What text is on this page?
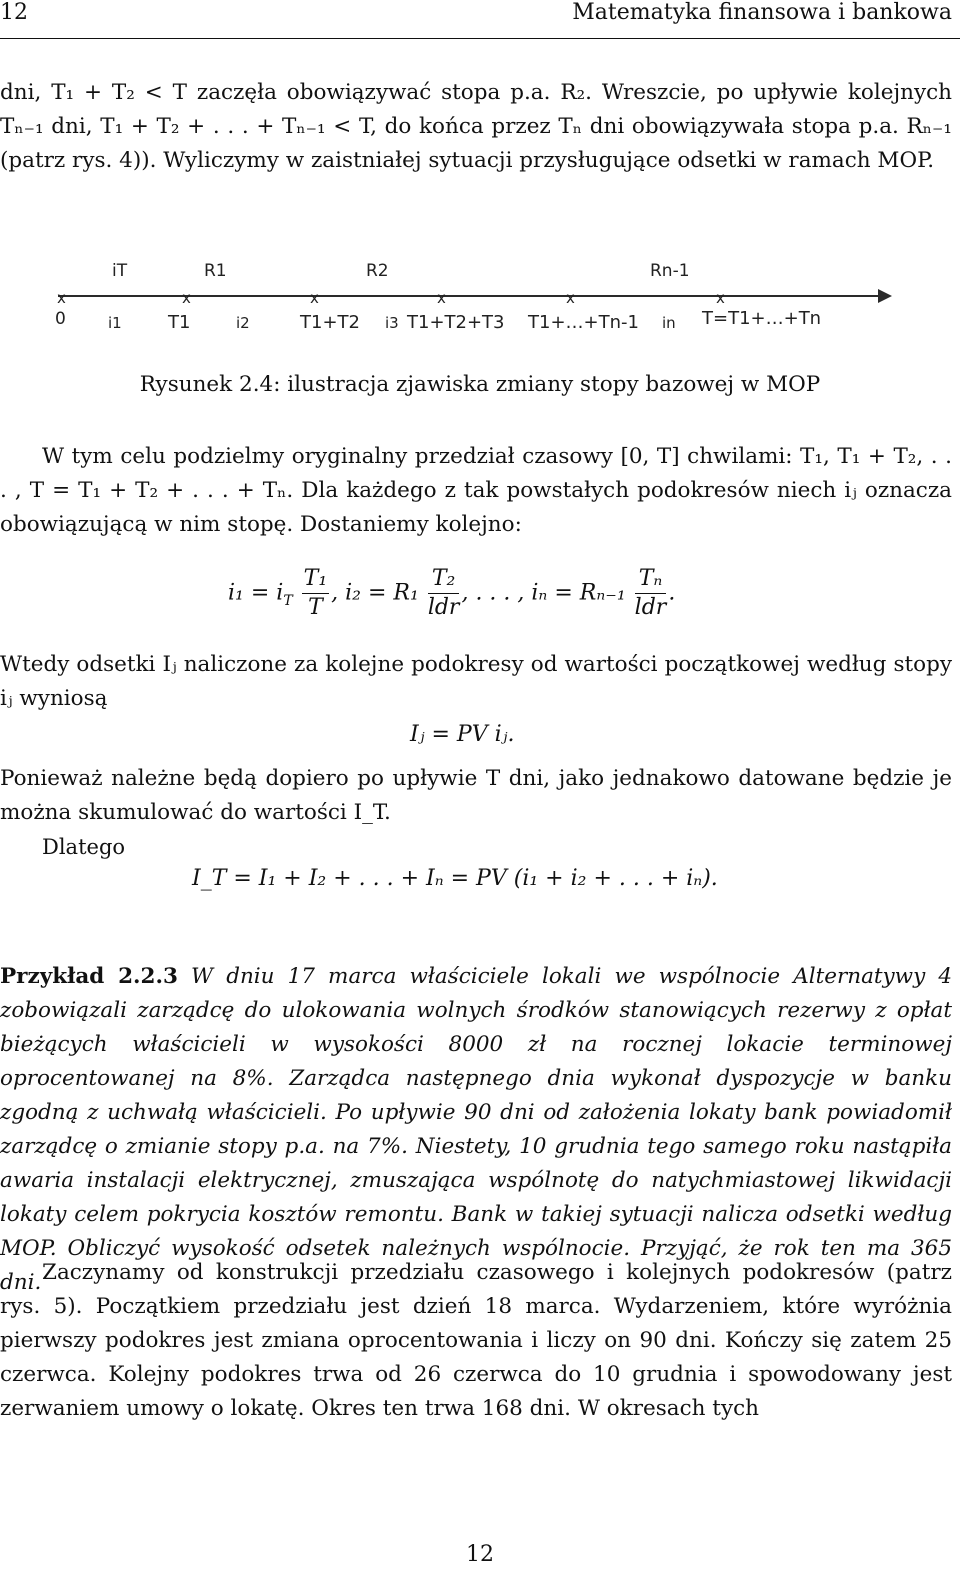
12	Matematyka finansowa i bankowa
dni, T₁ + T₂ < T zaczęła obowiązywać stopa p.a. R₂. Wreszcie, po upływie kolejnych Tₙ₋₁ dni, T₁ + T₂ + . . . + Tₙ₋₁ < T, do końca przez Tₙ dni obowiązywała stopa p.a. Rₙ₋₁ (patrz rys. 4)). Wyliczymy w zaistniałej sytuacji przysługujące odsetki w ramach MOP.
x	x	x	x	x	x
iT	R1	R2	Rn-1
0	i1	T1	i2	T1+T2 i3 T1+T2+T3 T1+…+Tn-1 in T=T1+…+Tn
Rysunek 2.4: ilustracja zjawiska zmiany stopy bazowej w MOP
W tym celu podzielmy oryginalny przedział czasowy [0, T] chwilami: T₁, T₁ + T₂, . . . , T = T₁ + T₂ + . . . + Tₙ. Dla każdego z tak powstałych podokresów niech iⱼ oznacza obowiązującą w nim stopę. Dostaniemy kolejno:
$i_1 = i_T \frac{\text{T₁}}{T}$ , $i_2 = R_1 \frac{\text{T₂}}{\text{ldr}}$ , . . . , $i_n = R_{n-1} \frac{\text{Tₙ}}{\text{ldr}}$ .
Wtedy odsetki Iⱼ naliczone za kolejne podokresy od wartości początkowej według stopy iⱼ wyniosą
Iⱼ = PV iⱼ.
Ponieważ należne będą dopiero po upływie T dni, jako jednakowo datowane będzie je można skumulować do wartości I_T.
Dlatego
I_T = I₁ + I₂ + . . . + Iₙ = PV (i₁ + i₂ + . . . + iₙ).
Przykład 2.2.3 W dniu 17 marca właściciele lokali we wspólnocie Alternatywy 4 zobowiązali zarządcę do ulokowania wolnych środków stanowiących rezerwy z opłat bieżących właścicieli w wysokości 8000 zł na rocznej lokacie terminowej oprocentowanej na 8%. Zarządca następnego dnia wykonał dyspozycje w banku zgodną z uchwałą właścicieli. Po upływie 90 dni od założenia lokaty bank powiadomił zarządcę o zmianie stopy p.a. na 7%. Niestety, 10 grudnia tego samego roku nastąpiła awaria instalacji elektrycznej, zmuszająca wspólnotę do natychmiastowej likwidacji lokaty celem pokrycia kosztów remontu. Bank w takiej sytuacji nalicza odsetki według MOP. Obliczyć wysokość odsetek należnych wspólnocie. Przyjąć, że rok ten ma 365 dni. Zaczynamy od konstrukcji przedziału czasowego i kolejnych podokresów (patrz rys. 5). Początkiem przedziału jest dzień 18 marca. Wydarzeniem, które wyróżnia pierwszy podokres jest zmiana oprocentowania i liczy on 90 dni. Kończy się zatem 25 czerwca. Kolejny podokres trwa od 26 czerwca do 10 grudnia i spowodowany jest zerwaniem umowy o lokatę. Okres ten trwa 168 dni. W okresach tych
12
